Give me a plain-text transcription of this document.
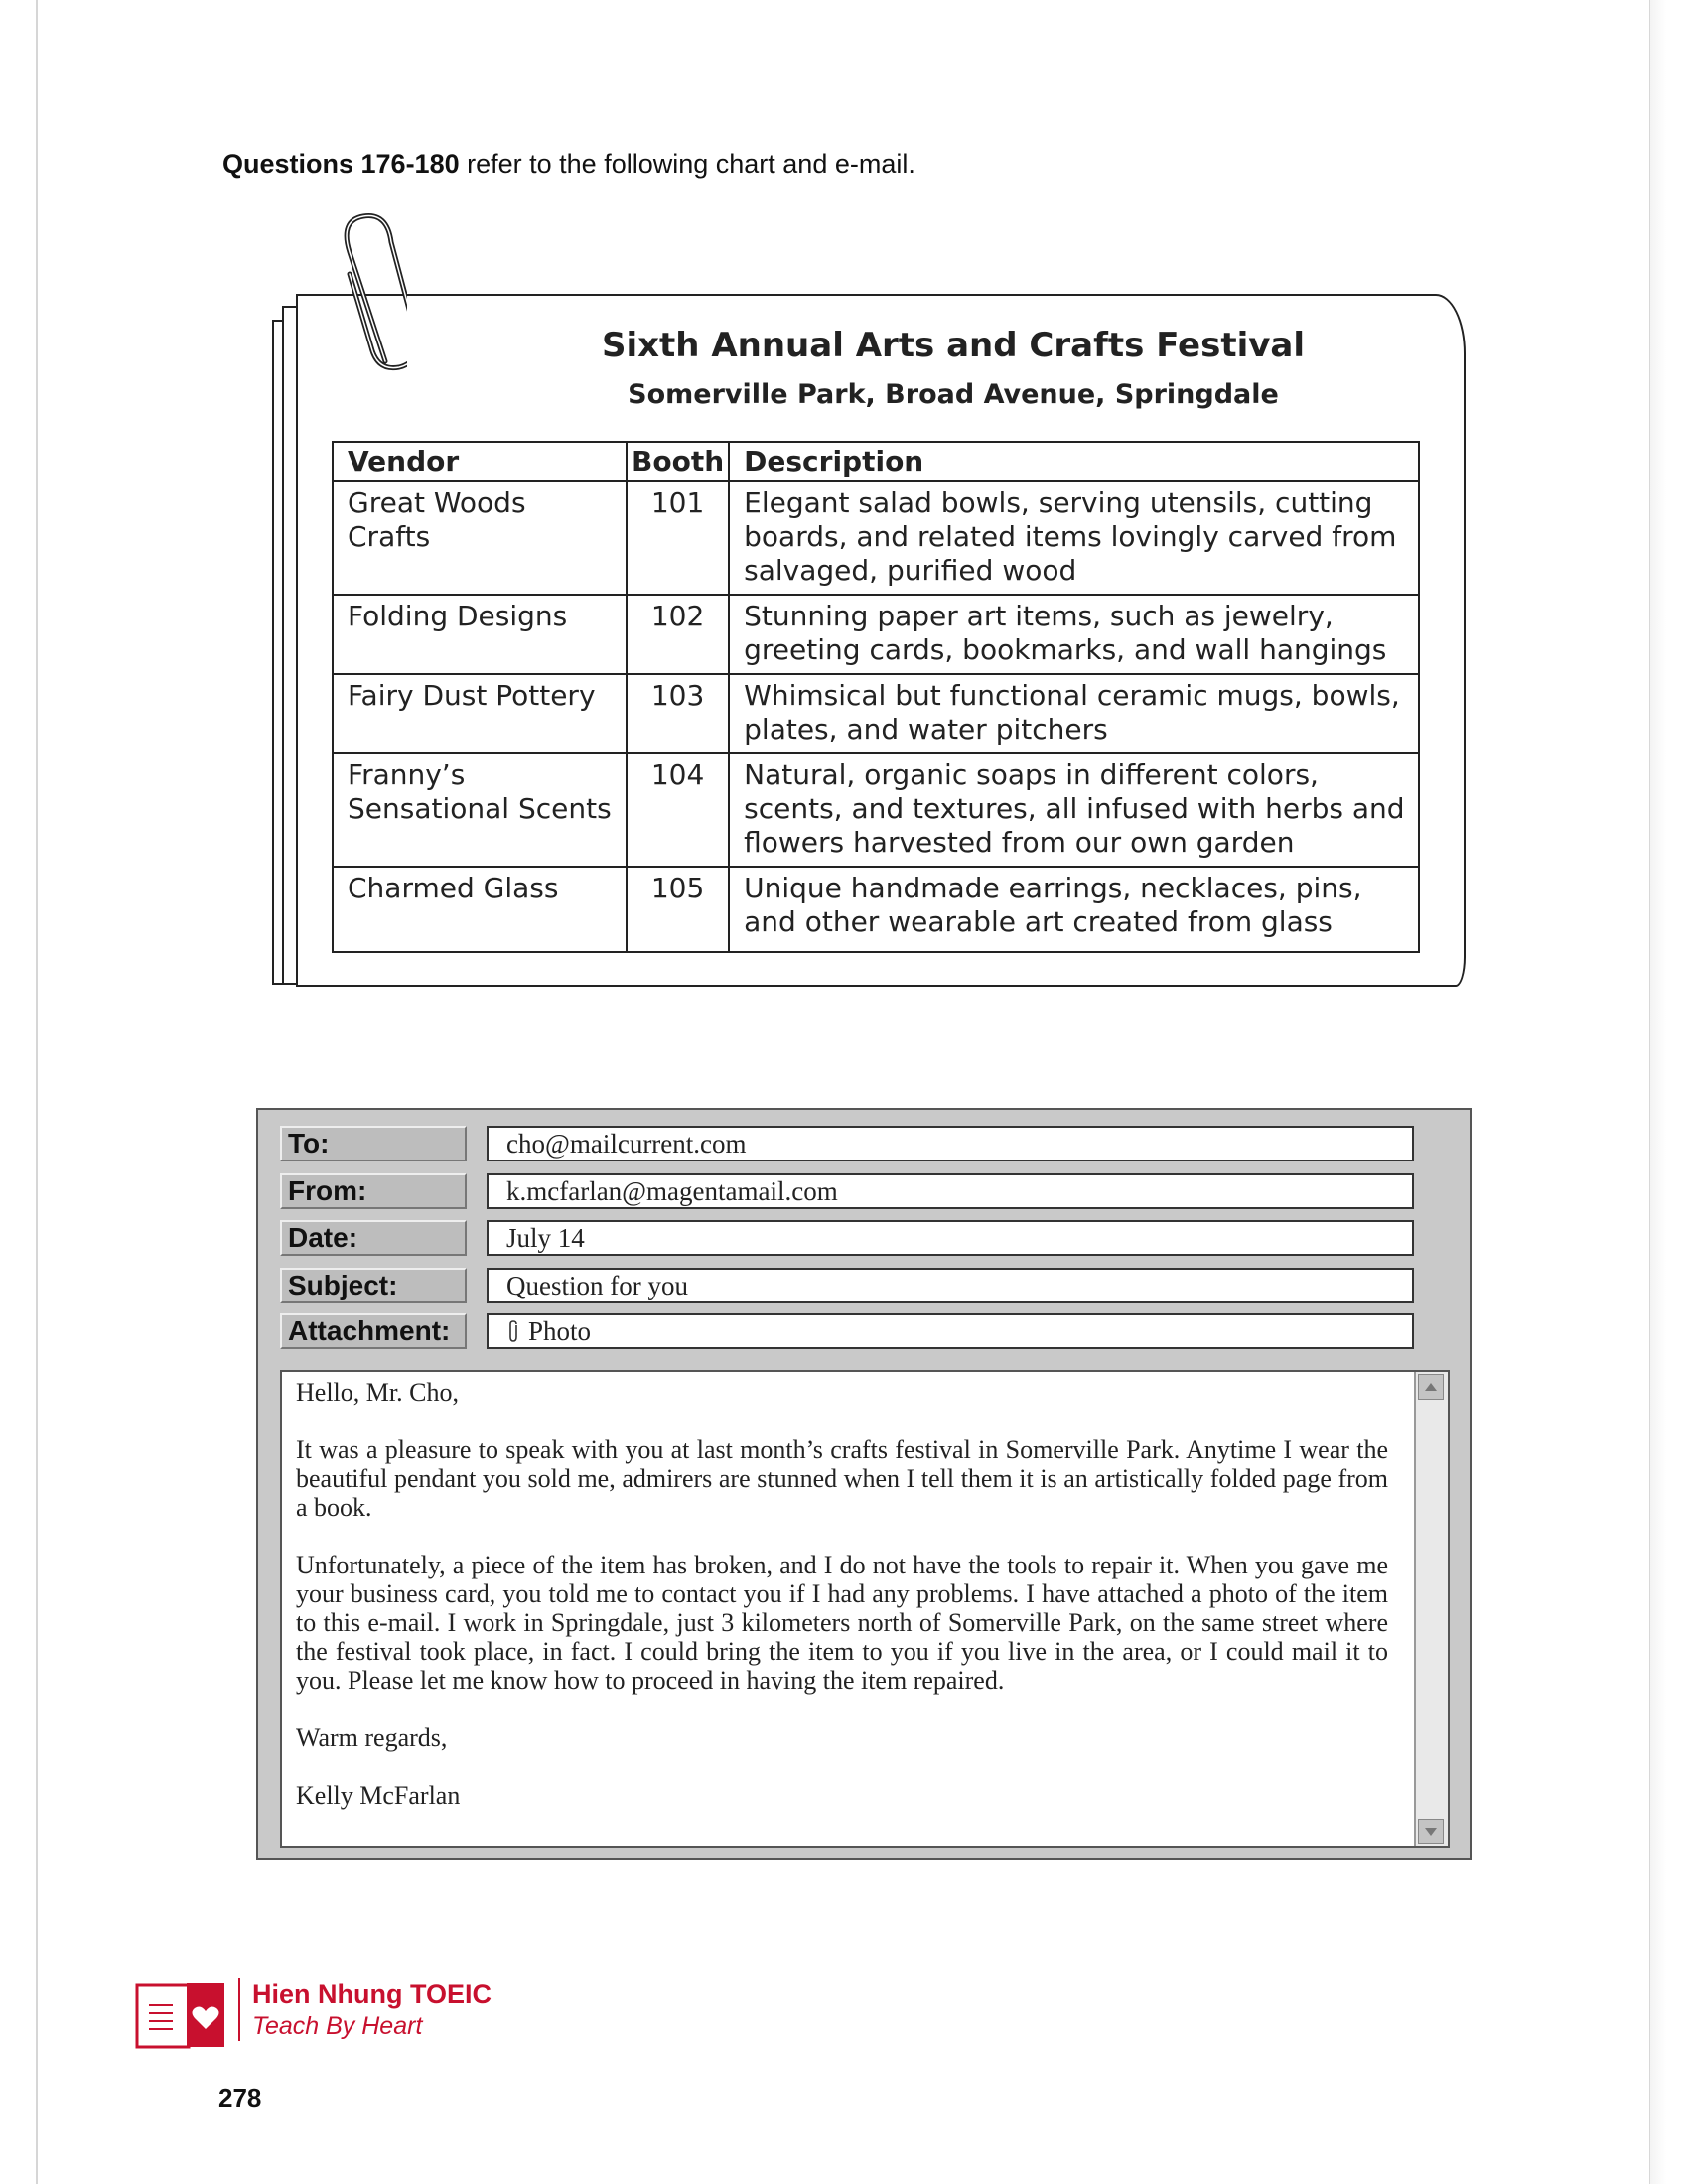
Questions 176-180 refer to the following chart and e-mail.
Sixth Annual Arts and Crafts Festival
Somerville Park, Broad Avenue, Springdale
Vendor	Booth	Description
Great Woods Crafts	101	Elegant salad bowls, serving utensils, cutting boards, and related items lovingly carved from salvaged, purified wood
Folding Designs	102	Stunning paper art items, such as jewelry, greeting cards, bookmarks, and wall hangings
Fairy Dust Pottery	103	Whimsical but functional ceramic mugs, bowls, plates, and water pitchers
Franny’s Sensational Scents	104	Natural, organic soaps in different colors, scents, and textures, all infused with herbs and flowers harvested from our own garden
Charmed Glass	105	Unique handmade earrings, necklaces, pins, and other wearable art created from glass
To:	cho@mailcurrent.com
From:	k.mcfarlan@magentamail.com
Date:	July 14
Subject:	Question for you
Attachment:	Photo

Hello, Mr. Cho,

It was a pleasure to speak with you at last month’s crafts festival in Somerville Park. Anytime I wear the beautiful pendant you sold me, admirers are stunned when I tell them it is an artistically folded page from a book.

Unfortunately, a piece of the item has broken, and I do not have the tools to repair it. When you gave me your business card, you told me to contact you if I had any problems. I have attached a photo of the item to this e-mail. I work in Springdale, just 3 kilometers north of Somerville Park, on the same street where the festival took place, in fact. I could bring the item to you if you live in the area, or I could mail it to you. Please let me know how to proceed in having the item repaired.

Warm regards,

Kelly McFarlan

Hien Nhung TOEIC
Teach By Heart
278
